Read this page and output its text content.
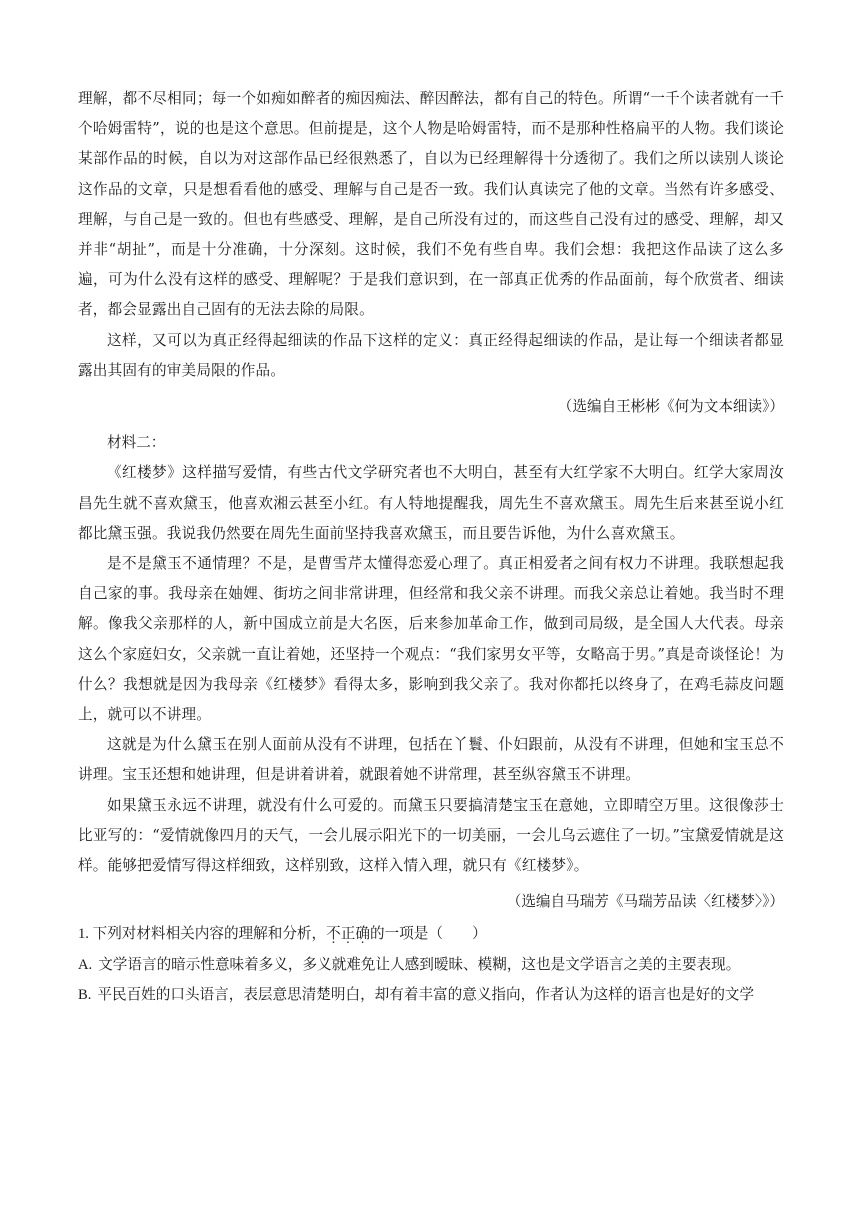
理解，都不尽相同；每一个如痴如醉者的痴因痴法、醉因醉法，都有自己的特色。所谓“一千个读者就有一千个哈姆雷特”，说的也是这个意思。但前提是，这个人物是哈姆雷特，而不是那种性格扁平的人物。我们谈论某部作品的时候，自以为对这部作品已经很熟悉了，自以为已经理解得十分透彻了。我们之所以读别人谈论这作品的文章，只是想看看他的感受、理解与自己是否一致。我们认真读完了他的文章。当然有许多感受、理解，与自己是一致的。但也有些感受、理解，是自己所没有过的，而这些自己没有过的感受、理解，却又并非“胡扯”，而是十分准确，十分深刻。这时候，我们不免有些自卑。我们会想：我把这作品读了这么多遍，可为什么没有这样的感受、理解呢？于是我们意识到，在一部真正优秀的作品面前，每个欣赏者、细读者，都会显露出自己固有的无法去除的局限。

这样，又可以为真正经得起细读的作品下这样的定义：真正经得起细读的作品，是让每一个细读者都显露出其固有的审美局限的作品。

（选编自王彬彬《何为文本细读》）

材料二：

《红楼梦》这样描写爱情，有些古代文学研究者也不大明白，甚至有大红学家不大明白。红学大家周汝昌先生就不喜欢黛玉，他喜欢湘云甚至小红。有人特地提醒我，周先生不喜欢黛玉。周先生后来甚至说小红都比黛玉强。我说我仍然要在周先生面前坚持我喜欢黛玉，而且要告诉他，为什么喜欢黛玉。

是不是黛玉不通情理？不是，是曹雪芹太懂得恋爱心理了。真正相爱者之间有权力不讲理。我联想起我自己家的事。我母亲在妯娌、街坊之间非常讲理，但经常和我父亲不讲理。而我父亲总让着她。我当时不理解。像我父亲那样的人，新中国成立前是大名医，后来参加革命工作，做到司局级，是全国人大代表。母亲这么个家庭妇女，父亲就一直让着她，还坚持一个观点：“我们家男女平等，女略高于男。”真是奇谈怪论！为什么？我想就是因为我母亲《红楼梦》看得太多，影响到我父亲了。我对你都托以终身了，在鸡毛蒜皮问题上，就可以不讲理。

这就是为什么黛玉在别人面前从没有不讲理，包括在丫鬟、仆妇跟前，从没有不讲理，但她和宝玉总不讲理。宝玉还想和她讲理，但是讲着讲着，就跟着她不讲常理，甚至纵容黛玉不讲理。

如果黛玉永远不讲理，就没有什么可爱的。而黛玉只要搞清楚宝玉在意她，立即晴空万里。这很像莎士比亚写的：“爱情就像四月的天气，一会儿展示阳光下的一切美丽，一会儿乌云遮住了一切。”宝黛爱情就是这样。能够把爱情写得这样细致，这样别致，这样入情入理，就只有《红楼梦》。

（选编自马瑞芳《马瑞芳品读〈红楼梦〉》）

1. 下列对材料相关内容的理解和分析，不正确的一项是（　　）

A. 文学语言的暗示性意味着多义，多义就难免让人感到暧昧、模糊，这也是文学语言之美的主要表现。

B. 平民百姓的口头语言，表层意思清楚明白，却有着丰富的意义指向，作者认为这样的语言也是好的文学
